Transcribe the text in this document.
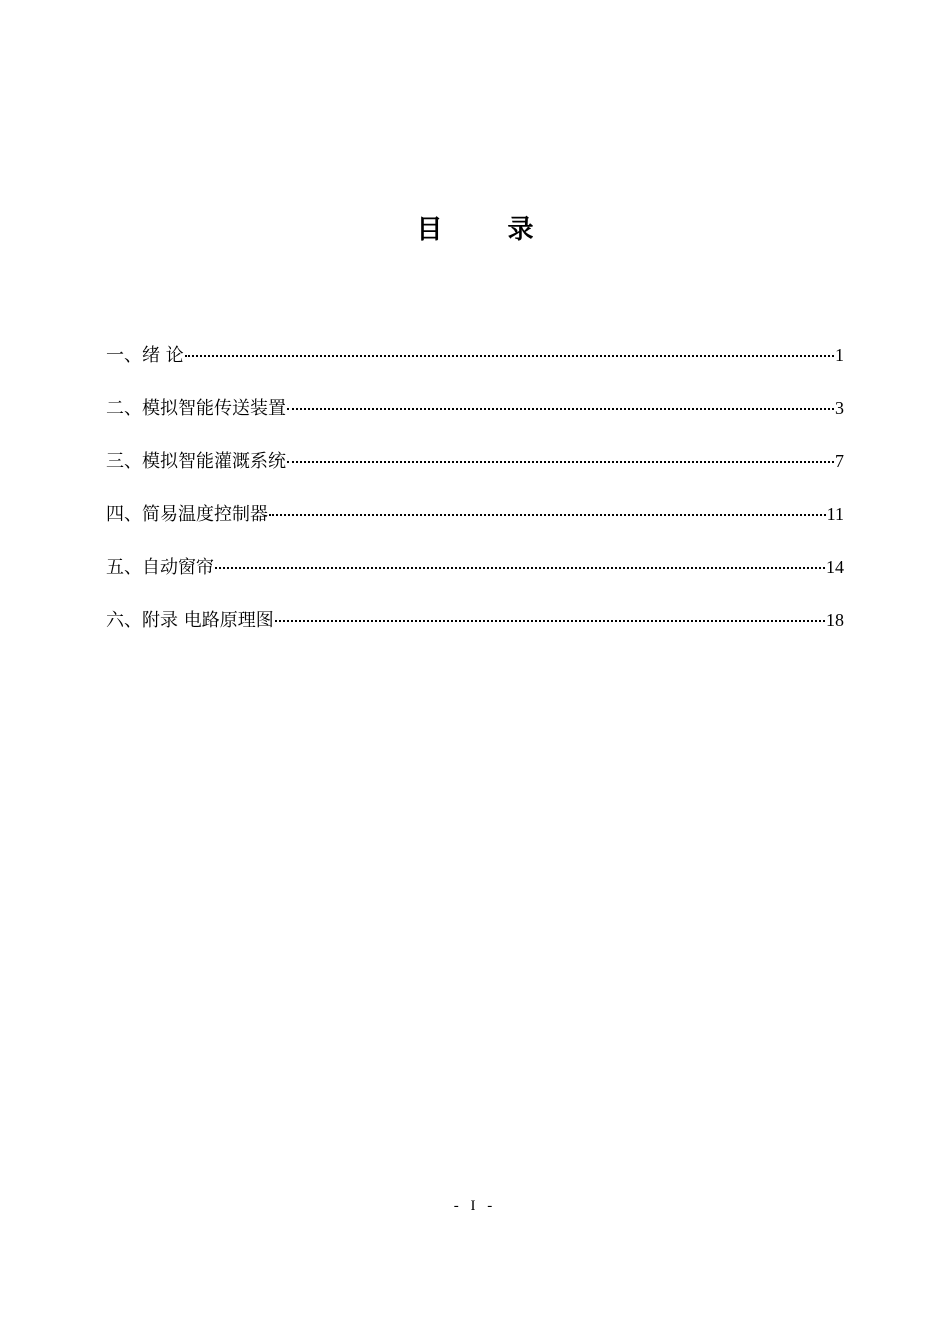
目 录
一、绪 论	1
二、模拟智能传送装置	3
三、模拟智能灌溉系统	7
四、简易温度控制器	11
五、自动窗帘	14
六、附录 电路原理图	18
- I -
